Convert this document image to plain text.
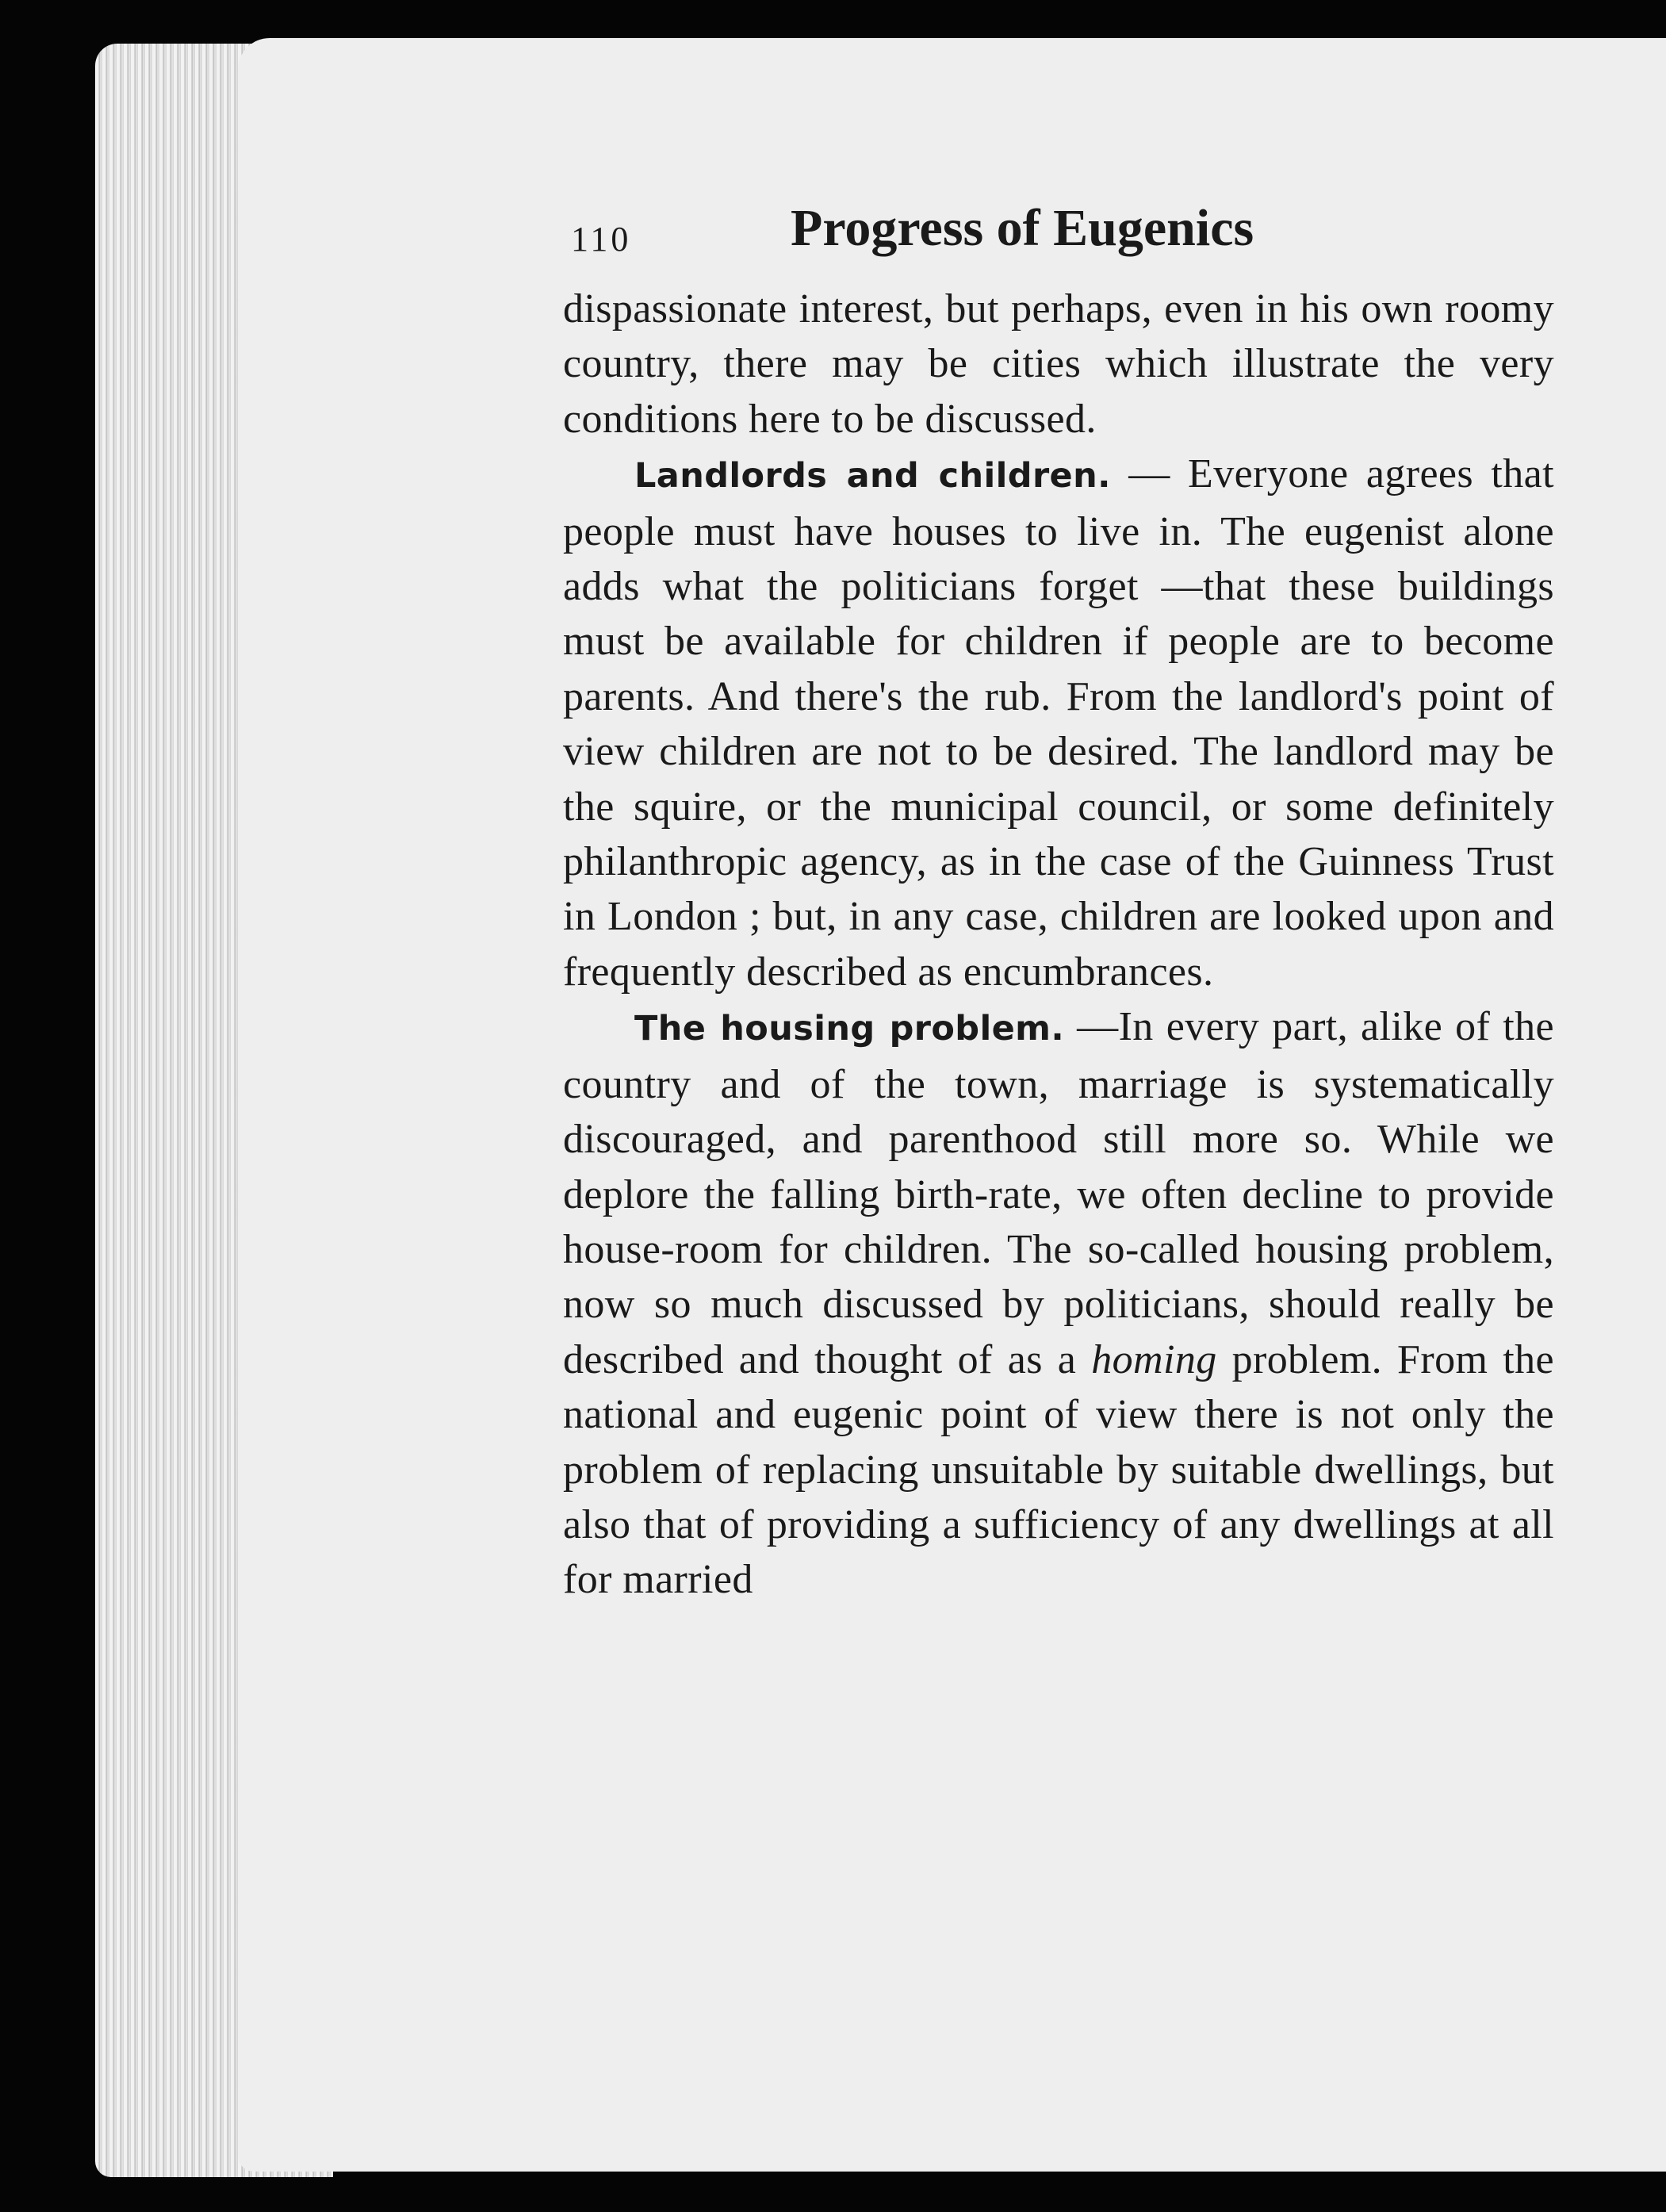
110	Progress of Eugenics

dispassionate interest, but perhaps, even in his own roomy country, there may be cities which illustrate the very conditions here to be discussed.

Landlords and children. — Everyone agrees that people must have houses to live in. The eugenist alone adds what the politicians forget —that these buildings must be available for children if people are to become parents. And there's the rub. From the landlord's point of view children are not to be desired. The landlord may be the squire, or the municipal council, or some definitely philanthropic agency, as in the case of the Guinness Trust in London ; but, in any case, children are looked upon and frequently described as encumbrances.

The housing problem. —In every part, alike of the country and of the town, marriage is systematically discouraged, and parenthood still more so. While we deplore the falling birth-rate, we often decline to provide house-room for children. The so-called housing problem, now so much discussed by politicians, should really be described and thought of as a homing problem. From the national and eugenic point of view there is not only the problem of replacing unsuitable by suitable dwellings, but also that of providing a sufficiency of any dwellings at all for married
